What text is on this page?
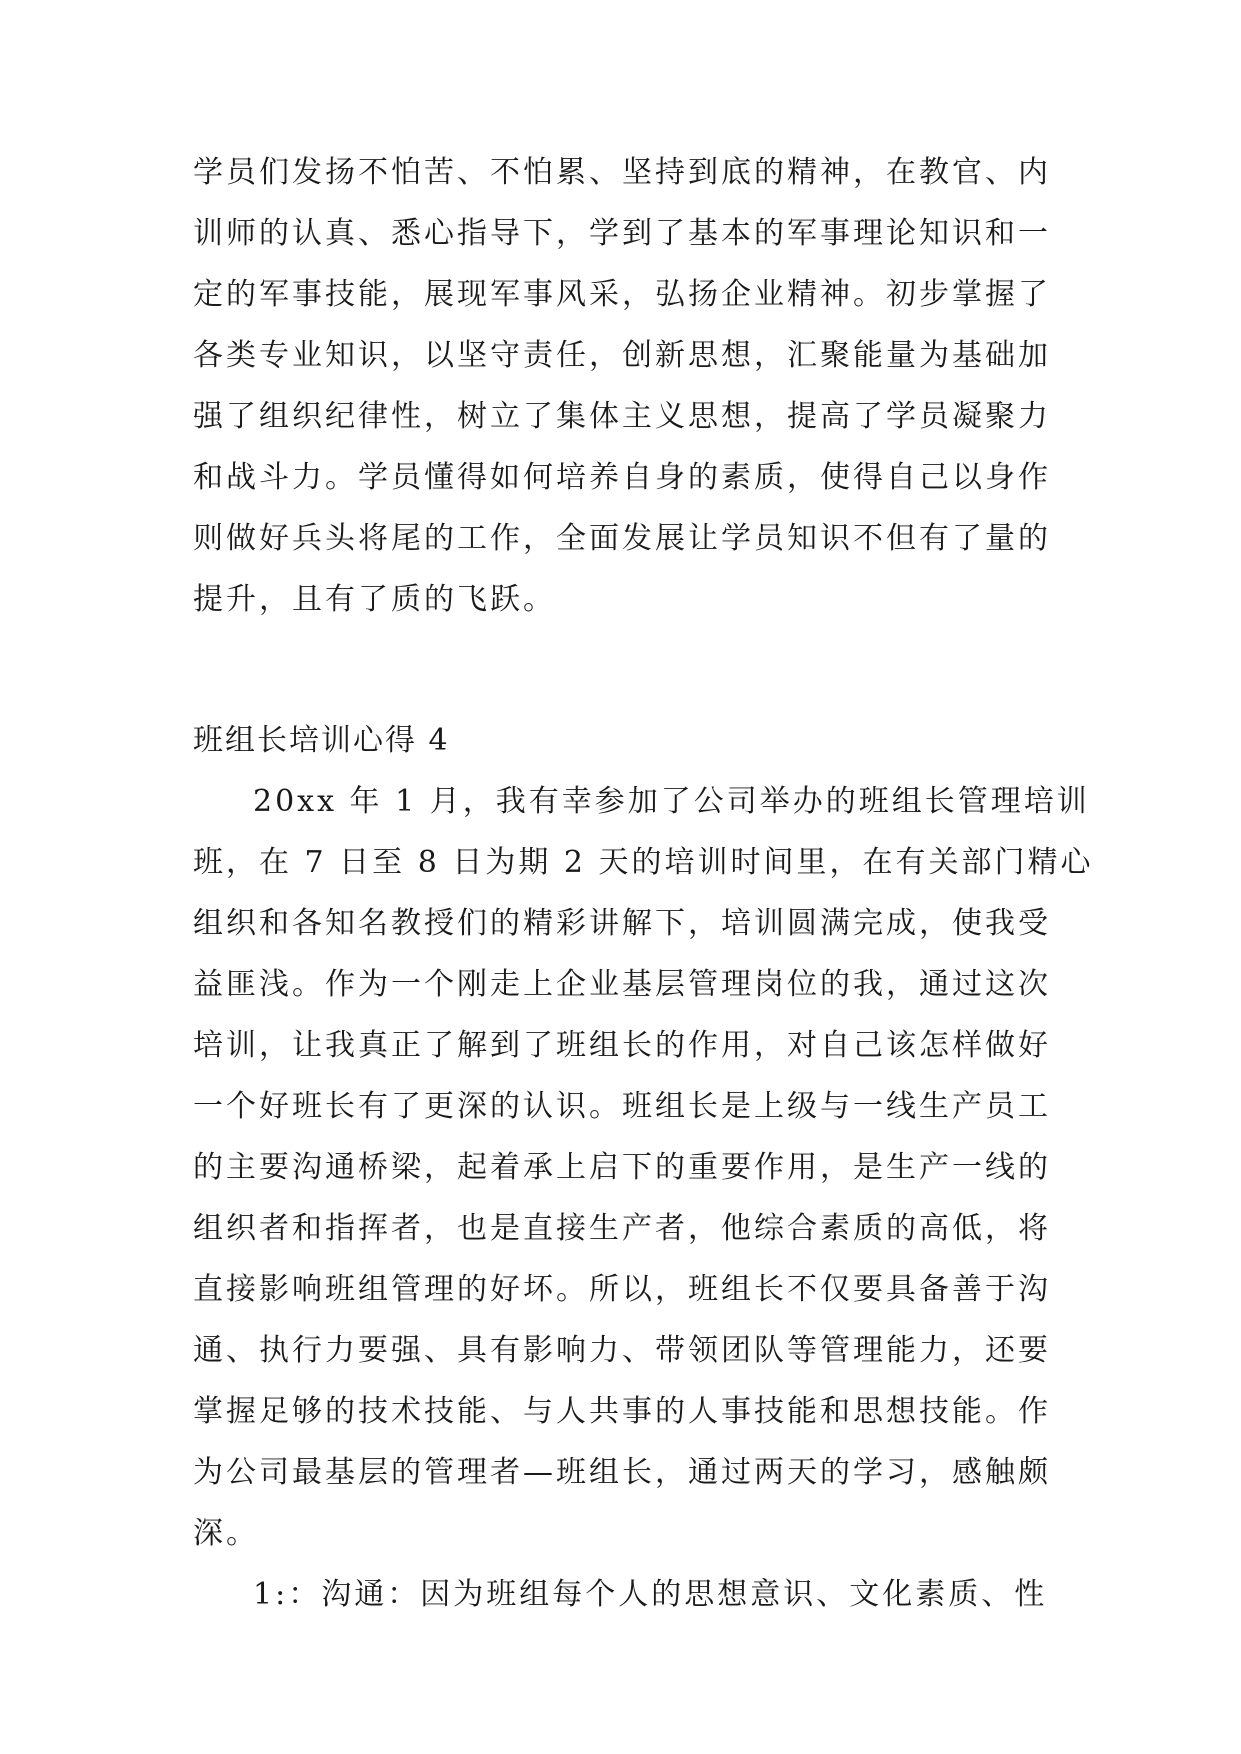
学员们发扬不怕苦、不怕累、坚持到底的精神，在教官、内
训师的认真、悉心指导下，学到了基本的军事理论知识和一
定的军事技能，展现军事风采，弘扬企业精神。初步掌握了
各类专业知识，以坚守责任，创新思想，汇聚能量为基础加
强了组织纪律性，树立了集体主义思想，提高了学员凝聚力
和战斗力。学员懂得如何培养自身的素质，使得自己以身作
则做好兵头将尾的工作，全面发展让学员知识不但有了量的
提升，且有了质的飞跃。
班组长培训心得 4
20xx 年 1 月，我有幸参加了公司举办的班组长管理培训
班，在 7 日至 8 日为期 2 天的培训时间里，在有关部门精心
组织和各知名教授们的精彩讲解下，培训圆满完成，使我受
益匪浅。作为一个刚走上企业基层管理岗位的我，通过这次
培训，让我真正了解到了班组长的作用，对自己该怎样做好
一个好班长有了更深的认识。班组长是上级与一线生产员工
的主要沟通桥梁，起着承上启下的重要作用，是生产一线的
组织者和指挥者，也是直接生产者，他综合素质的高低，将
直接影响班组管理的好坏。所以，班组长不仅要具备善于沟
通、执行力要强、具有影响力、带领团队等管理能力，还要
掌握足够的技术技能、与人共事的人事技能和思想技能。作
为公司最基层的管理者—班组长，通过两天的学习，感触颇
深。
1:：沟通：因为班组每个人的思想意识、文化素质、性
